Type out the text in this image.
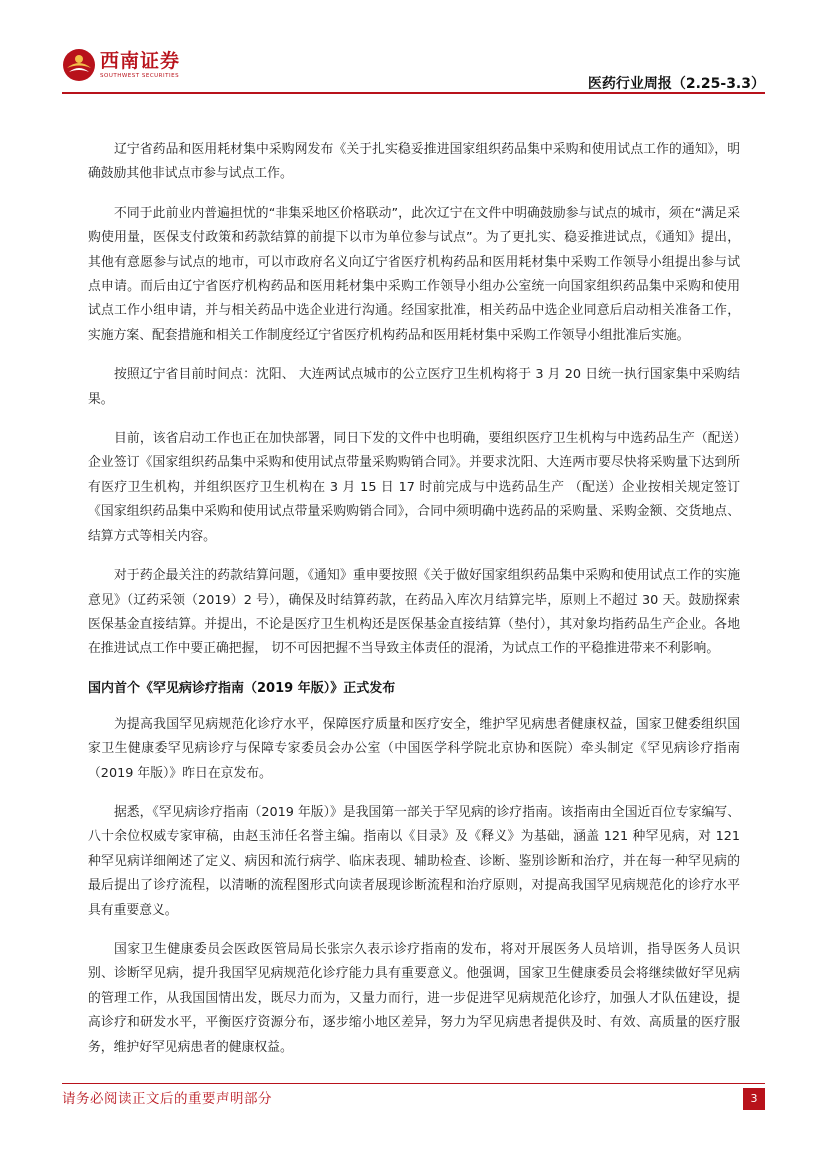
西南证券
SOUTHWEST SECURITIES	医药行业周报（2.25-3.3）

辽宁省药品和医用耗材集中采购网发布《关于扎实稳妥推进国家组织药品集中采购和使用试点工作的通知》，明确鼓励其他非试点市参与试点工作。

不同于此前业内普遍担忧的“非集采地区价格联动”，此次辽宁在文件中明确鼓励参与试点的城市，须在“满足采购使用量，医保支付政策和药款结算的前提下以市为单位参与试点”。为了更扎实、稳妥推进试点，《通知》提出，其他有意愿参与试点的地市，可以市政府名义向辽宁省医疗机构药品和医用耗材集中采购工作领导小组提出参与试点申请。而后由辽宁省医疗机构药品和医用耗材集中采购工作领导小组办公室统一向国家组织药品集中采购和使用试点工作小组申请，并与相关药品中选企业进行沟通。经国家批准，相关药品中选企业同意后启动相关准备工作，实施方案、配套措施和相关工作制度经辽宁省医疗机构药品和医用耗材集中采购工作领导小组批准后实施。

按照辽宁省目前时间点：沈阳、 大连两试点城市的公立医疗卫生机构将于 3 月 20 日统一执行国家集中采购结果。

目前，该省启动工作也正在加快部署，同日下发的文件中也明确，要组织医疗卫生机构与中选药品生产（配送）企业签订《国家组织药品集中采购和使用试点带量采购购销合同》。并要求沈阳、大连两市要尽快将采购量下达到所有医疗卫生机构，并组织医疗卫生机构在 3 月 15 日 17 时前完成与中选药品生产 （配送）企业按相关规定签订《国家组织药品集中采购和使用试点带量采购购销合同》，合同中须明确中选药品的采购量、采购金额、交货地点、结算方式等相关内容。

对于药企最关注的药款结算问题，《通知》重申要按照《关于做好国家组织药品集中采购和使用试点工作的实施意见》（辽药采领（2019）2 号），确保及时结算药款，在药品入库次月结算完毕，原则上不超过 30 天。鼓励探索医保基金直接结算。并提出，不论是医疗卫生机构还是医保基金直接结算（垫付），其对象均指药品生产企业。各地在推进试点工作中要正确把握， 切不可因把握不当导致主体责任的混淆，为试点工作的平稳推进带来不利影响。

国内首个《罕见病诊疗指南（2019 年版）》正式发布

为提高我国罕见病规范化诊疗水平，保障医疗质量和医疗安全，维护罕见病患者健康权益，国家卫健委组织国家卫生健康委罕见病诊疗与保障专家委员会办公室（中国医学科学院北京协和医院）牵头制定《罕见病诊疗指南（2019 年版）》昨日在京发布。

据悉，《罕见病诊疗指南（2019 年版）》是我国第一部关于罕见病的诊疗指南。该指南由全国近百位专家编写、八十余位权威专家审稿，由赵玉沛任名誉主编。指南以《目录》及《释义》为基础，涵盖 121 种罕见病，对 121 种罕见病详细阐述了定义、病因和流行病学、临床表现、辅助检查、诊断、鉴别诊断和治疗，并在每一种罕见病的最后提出了诊疗流程，以清晰的流程图形式向读者展现诊断流程和治疗原则，对提高我国罕见病规范化的诊疗水平具有重要意义。

国家卫生健康委员会医政医管局局长张宗久表示诊疗指南的发布，将对开展医务人员培训，指导医务人员识别、诊断罕见病，提升我国罕见病规范化诊疗能力具有重要意义。他强调，国家卫生健康委员会将继续做好罕见病的管理工作，从我国国情出发，既尽力而为，又量力而行，进一步促进罕见病规范化诊疗，加强人才队伍建设，提高诊疗和研发水平，平衡医疗资源分布，逐步缩小地区差异，努力为罕见病患者提供及时、有效、高质量的医疗服务，维护好罕见病患者的健康权益。

请务必阅读正文后的重要声明部分	3
